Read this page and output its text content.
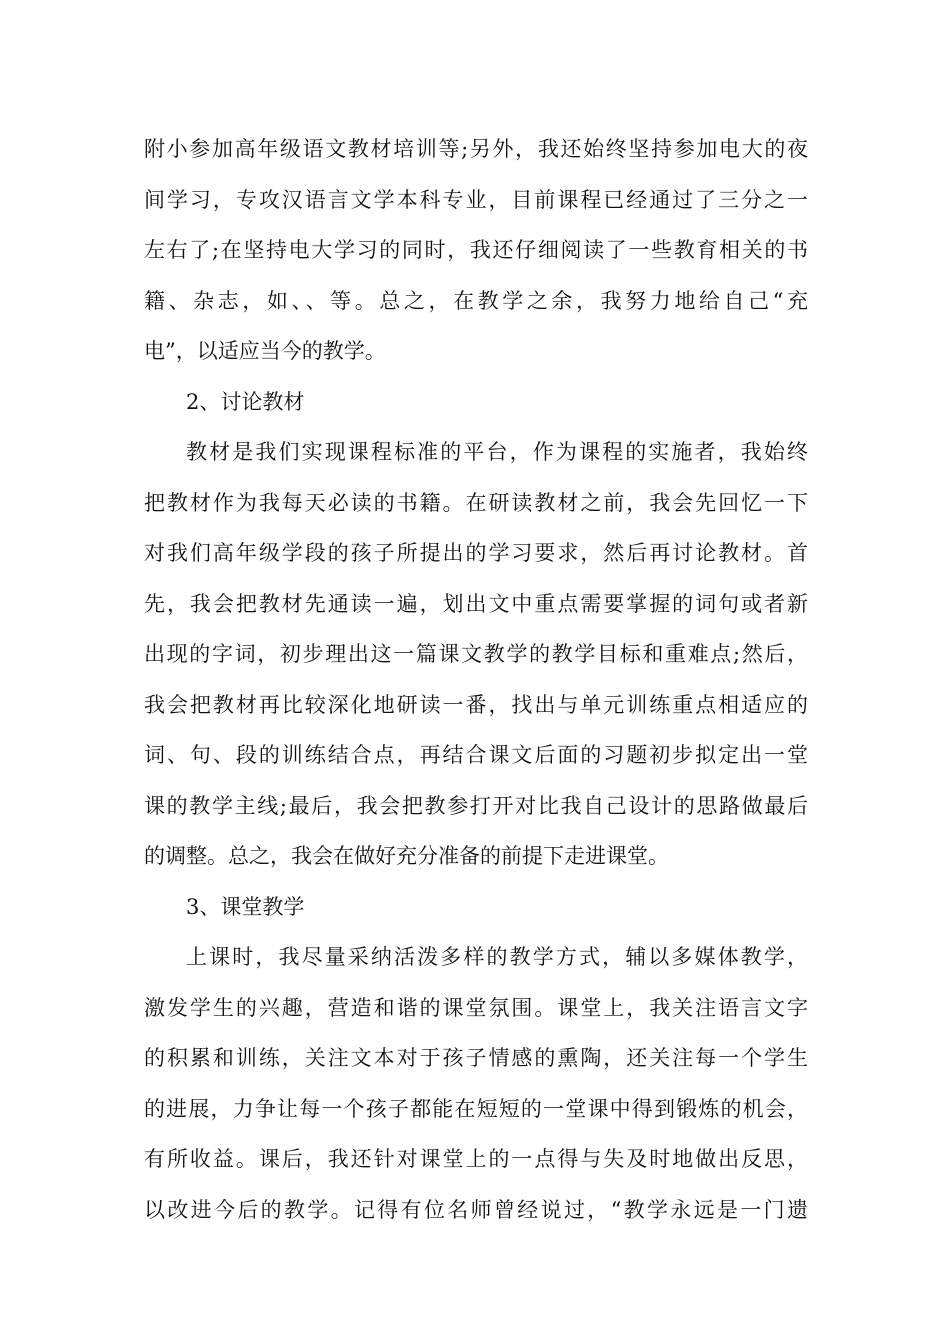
附小参加高年级语文教材培训等;另外，我还始终坚持参加电大的夜
间学习，专攻汉语言文学本科专业，目前课程已经通过了三分之一
左右了;在坚持电大学习的同时，我还仔细阅读了一些教育相关的书
籍、杂志，如、、等。总之，在教学之余，我努力地给自己“充
电”，以适应当今的教学。
2、讨论教材
教材是我们实现课程标准的平台，作为课程的实施者，我始终
把教材作为我每天必读的书籍。在研读教材之前，我会先回忆一下
对我们高年级学段的孩子所提出的学习要求，然后再讨论教材。首
先，我会把教材先通读一遍，划出文中重点需要掌握的词句或者新
出现的字词，初步理出这一篇课文教学的教学目标和重难点;然后，
我会把教材再比较深化地研读一番，找出与单元训练重点相适应的
词、句、段的训练结合点，再结合课文后面的习题初步拟定出一堂
课的教学主线;最后，我会把教参打开对比我自己设计的思路做最后
的调整。总之，我会在做好充分准备的前提下走进课堂。
3、课堂教学
上课时，我尽量采纳活泼多样的教学方式，辅以多媒体教学，
激发学生的兴趣，营造和谐的课堂氛围。课堂上，我关注语言文字
的积累和训练，关注文本对于孩子情感的熏陶，还关注每一个学生
的进展，力争让每一个孩子都能在短短的一堂课中得到锻炼的机会，
有所收益。课后，我还针对课堂上的一点得与失及时地做出反思，
以改进今后的教学。记得有位名师曾经说过，“教学永远是一门遗
